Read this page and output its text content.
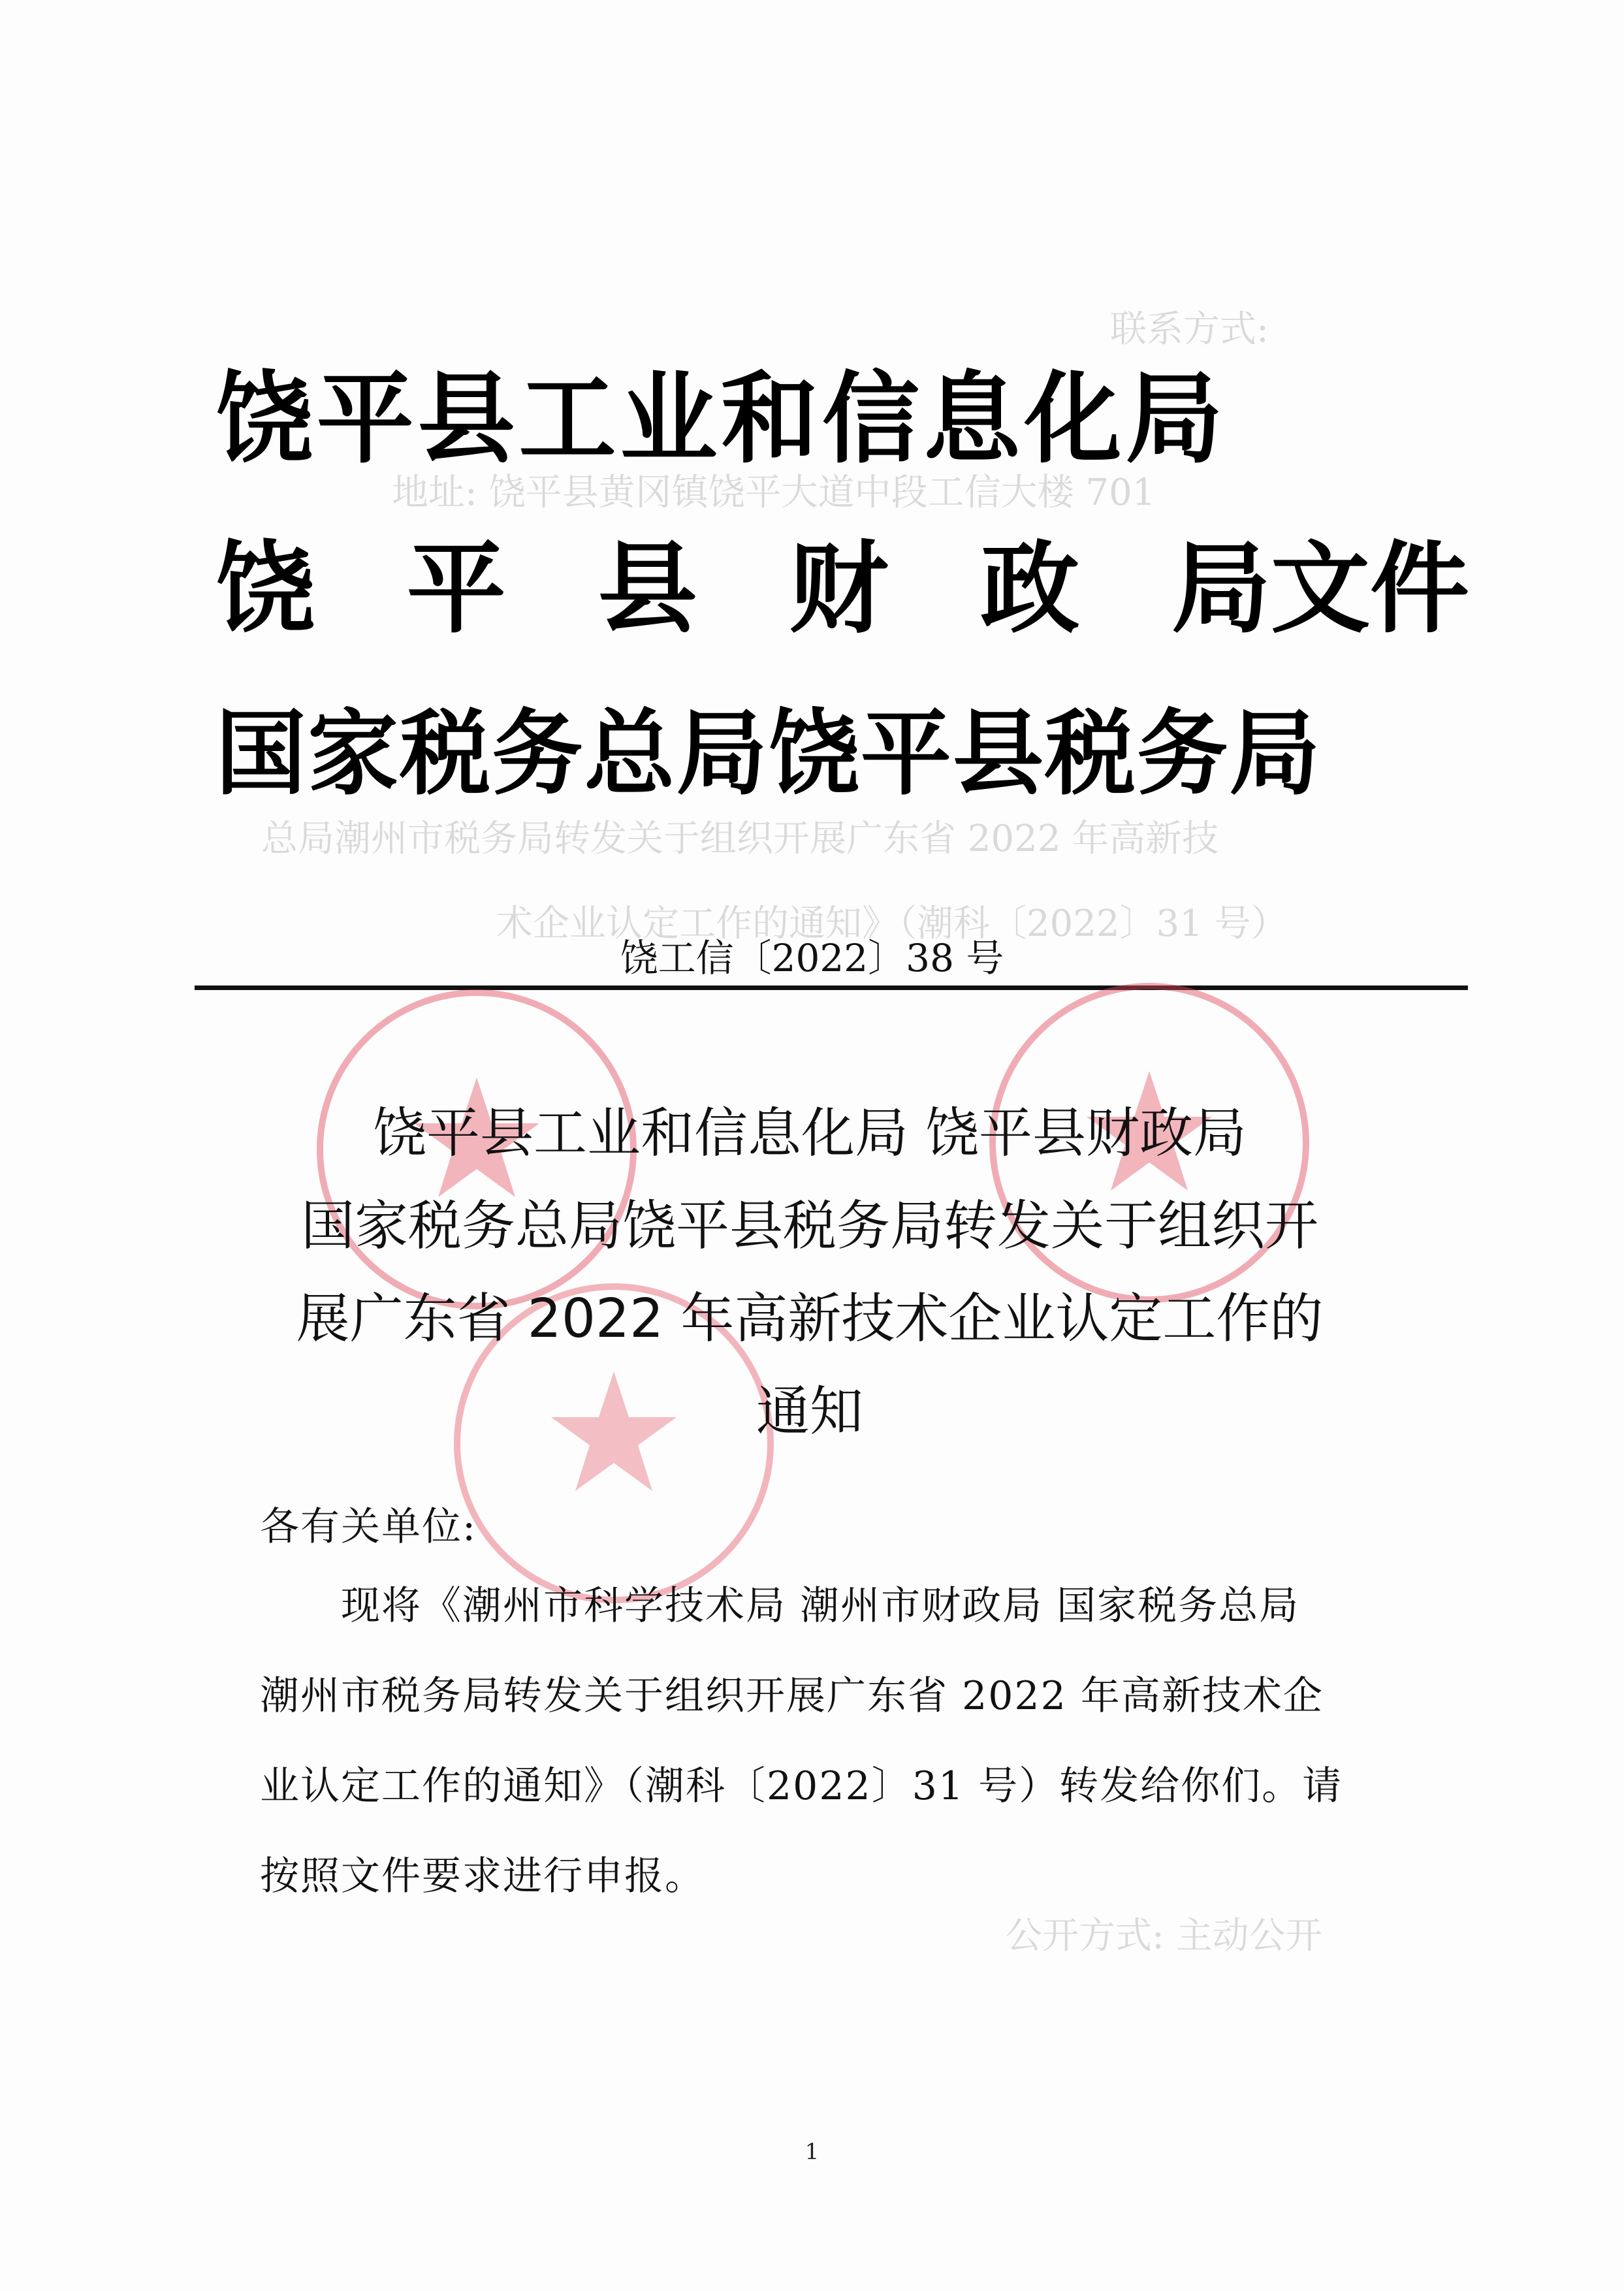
联系方式:
地址: 饶平县黄冈镇饶平大道中段工信大楼 701
总局潮州市税务局转发关于组织开展广东省 2022 年高新技
术企业认定工作的通知》（潮科〔2022〕31 号）
公开方式: 主动公开
饶平县工业和信息化局
饶 平 县 财 政 局文件
国家税务总局饶平县税务局
饶工信〔2022〕38 号
饶平县工业和信息化局 饶平县财政局
国家税务总局饶平县税务局转发关于组织开
展广东省 2022 年高新技术企业认定工作的
通知
各有关单位:
现将《潮州市科学技术局 潮州市财政局 国家税务总局
潮州市税务局转发关于组织开展广东省 2022 年高新技术企
业认定工作的通知》（潮科〔2022〕31 号）转发给你们。请
按照文件要求进行申报。
1
